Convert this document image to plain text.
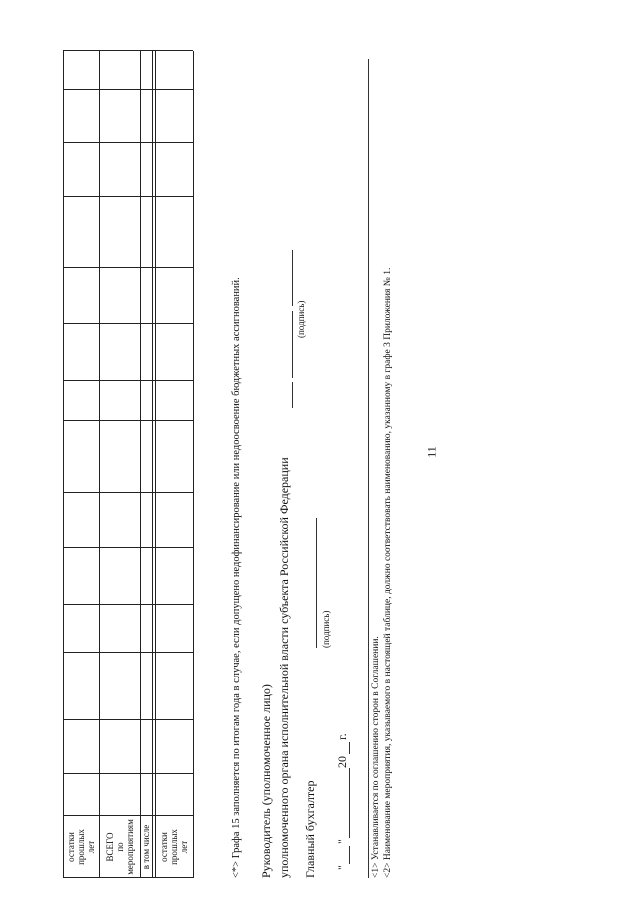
11
остатки прошлых лет ВСЕГО по мероприятиям в том числе остатки прошлых лет	<*> Графа 15 заполняется по итогам года в случае, если допущено недофинансирование или недоосвоение бюджетных ассигнований. Руководитель (уполномоченное лицо) уполномоченного органа исполнительной власти субъекта Российской Федерации
(подпись)
Главный бухгалтер
(подпись)
"
"
20
г. <1> Устанавливается по соглашению сторон в Соглашении. <2> Наименование мероприятия, указываемого в настоящей таблице, должно соответствовать наименованию, указанному в графе 3 Приложения № 1.
